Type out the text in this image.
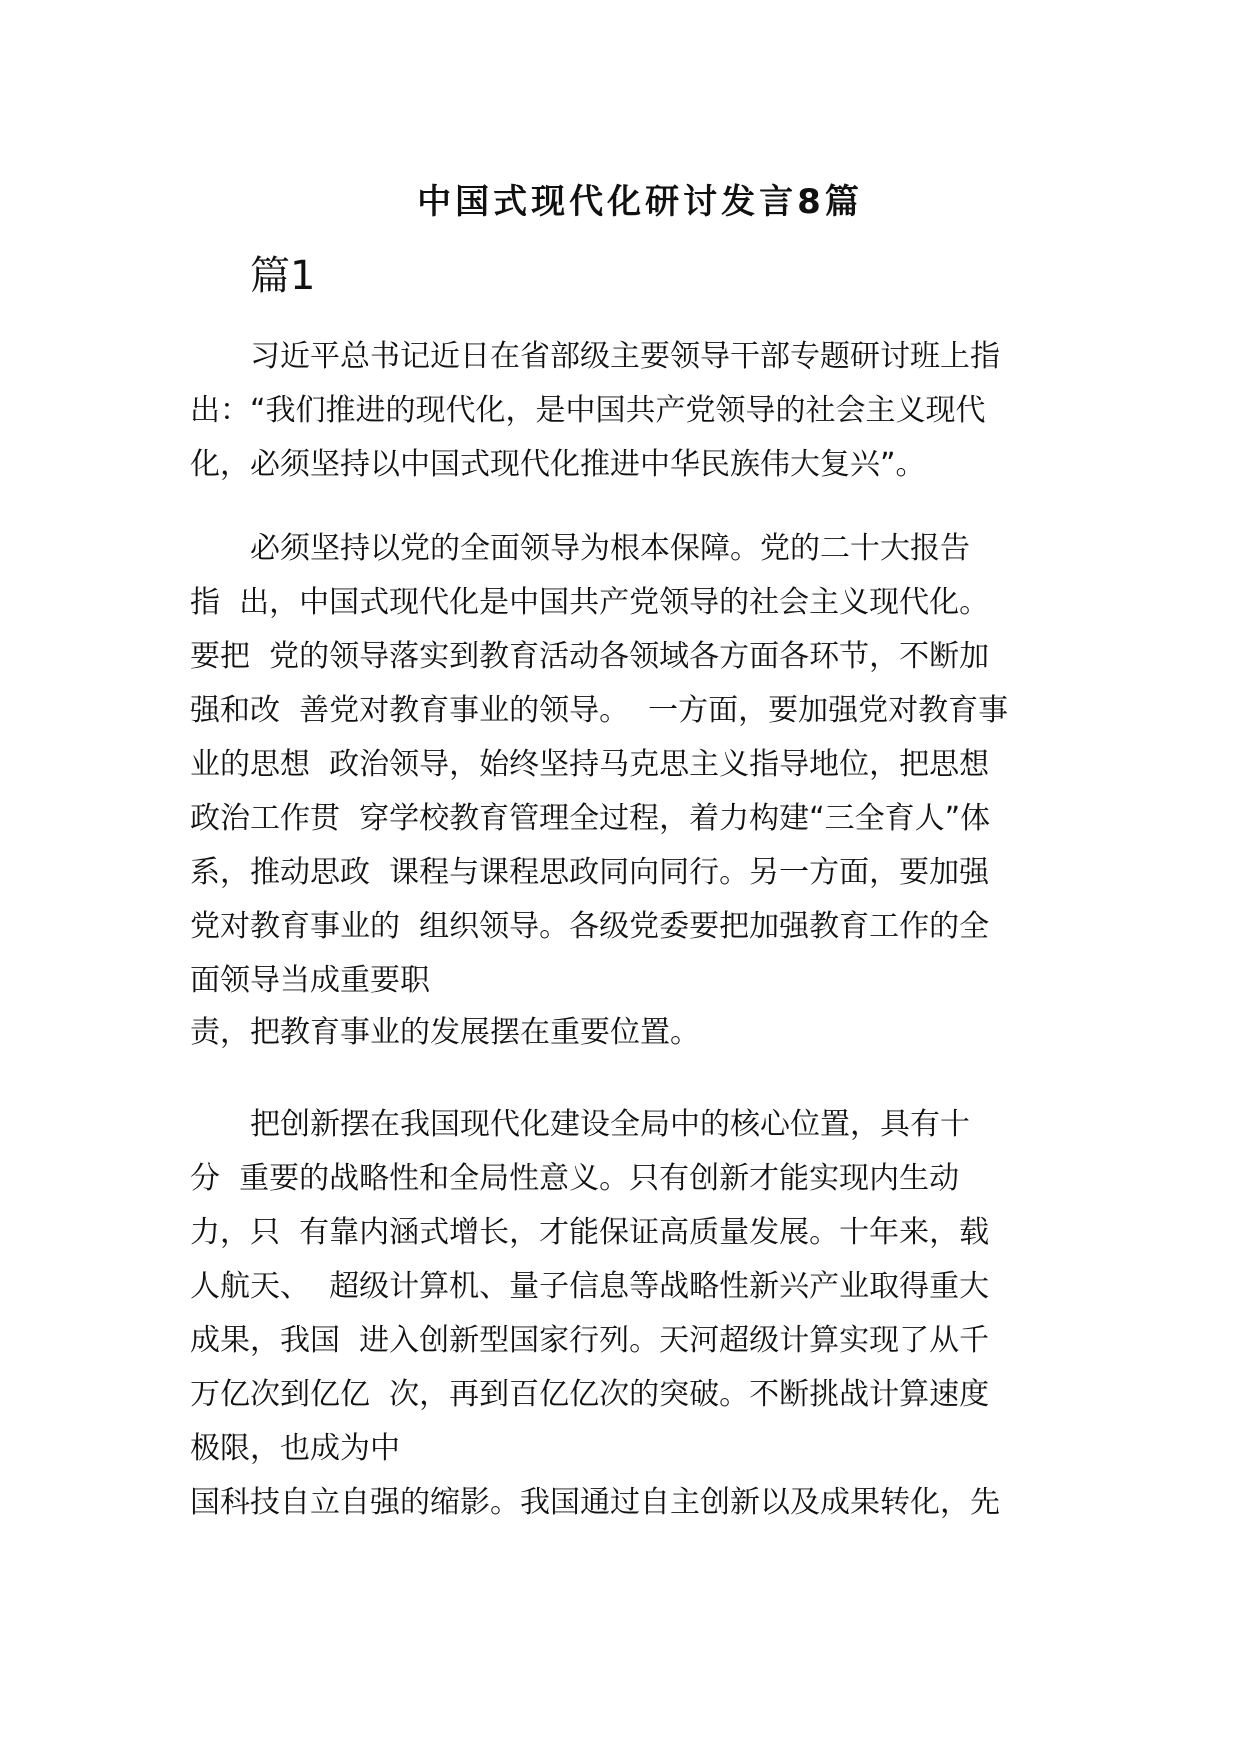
中国式现代化研讨发言8篇
篇1
习近平总书记近日在省部级主要领导干部专题研讨班上指
出：“我们推进的现代化，是中国共产党领导的社会主义现代
化，必须坚持以中国式现代化推进中华民族伟大复兴”。
必须坚持以党的全面领导为根本保障。党的二十大报告
指  出，中国式现代化是中国共产党领导的社会主义现代化。
要把  党的领导落实到教育活动各领域各方面各环节，不断加
强和改  善党对教育事业的领导。  一方面，要加强党对教育事
业的思想  政治领导，始终坚持马克思主义指导地位，把思想
政治工作贯  穿学校教育管理全过程，着力构建“三全育人”体
系，推动思政  课程与课程思政同向同行。另一方面，要加强
党对教育事业的  组织领导。各级党委要把加强教育工作的全
面领导当成重要职
责，把教育事业的发展摆在重要位置。
把创新摆在我国现代化建设全局中的核心位置，具有十
分  重要的战略性和全局性意义。只有创新才能实现内生动
力，只  有靠内涵式增长，才能保证高质量发展。十年来，载
人航天、  超级计算机、量子信息等战略性新兴产业取得重大
成果，我国  进入创新型国家行列。天河超级计算实现了从千
万亿次到亿亿  次，再到百亿亿次的突破。不断挑战计算速度
极限，也成为中
国科技自立自强的缩影。我国通过自主创新以及成果转化，先
